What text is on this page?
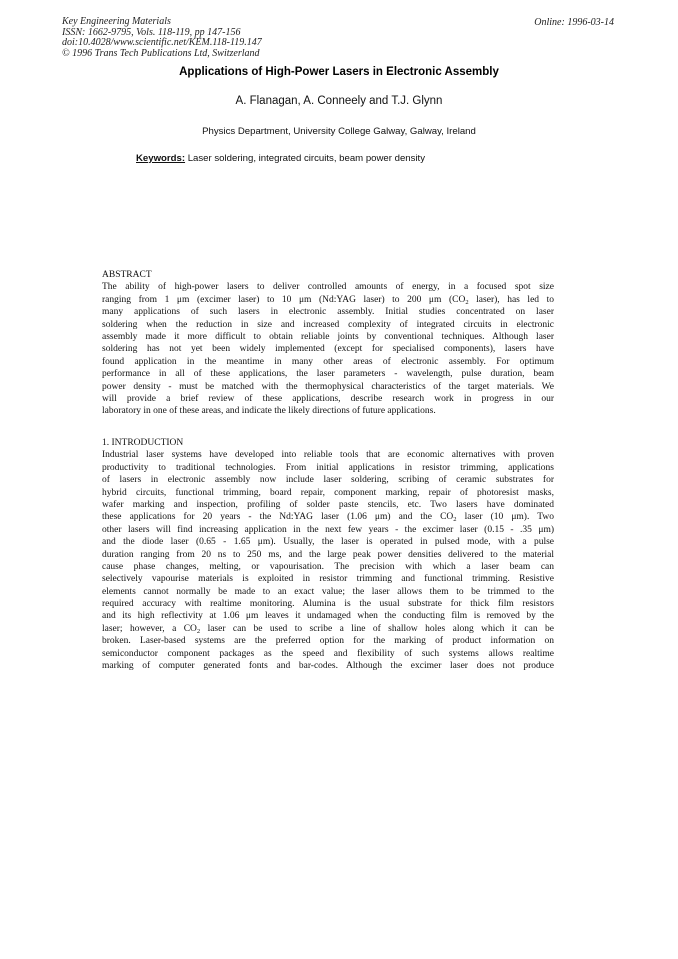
Key Engineering Materials
ISSN: 1662-9795, Vols. 118-119, pp 147-156
doi:10.4028/www.scientific.net/KEM.118-119.147
© 1996 Trans Tech Publications Ltd, Switzerland
Online: 1996-03-14
Applications of High-Power Lasers in Electronic Assembly
A. Flanagan, A. Conneely and T.J. Glynn
Physics Department, University College Galway, Galway, Ireland
Keywords: Laser soldering, integrated circuits, beam power density
ABSTRACT
The ability of high-power lasers to deliver controlled amounts of energy, in a focused spot size
ranging from 1 μm (excimer laser) to 10 μm (Nd:YAG laser) to 200 μm ($CO_2$ laser), has led to
many applications of such lasers in electronic assembly. Initial studies concentrated on laser
soldering when the reduction in size and increased complexity of integrated circuits in electronic
assembly made it more difficult to obtain reliable joints by conventional techniques. Although laser
soldering has not yet been widely implemented (except for specialised components), lasers have
found application in the meantime in many other areas of electronic assembly. For optimum
performance in all of these applications, the laser parameters - wavelength, pulse duration, beam
power density - must be matched with the thermophysical characteristics of the target materials. We
will provide a brief review of these applications, describe research work in progress in our
laboratory in one of these areas, and indicate the likely directions of future applications.
1. INTRODUCTION
Industrial laser systems have developed into reliable tools that are economic alternatives with proven
productivity to traditional technologies. From initial applications in resistor trimming, applications
of lasers in electronic assembly now include laser soldering, scribing of ceramic substrates for
hybrid circuits, functional trimming, board repair, component marking, repair of photoresist masks,
wafer marking and inspection, profiling of solder paste stencils, etc. Two lasers have dominated
these applications for 20 years - the Nd:YAG laser (1.06 μm) and the $CO_2$ laser (10 μm). Two
other lasers will find increasing application in the next few years - the excimer laser (0.15 - .35 μm)
and the diode laser (0.65 - 1.65 μm). Usually, the laser is operated in pulsed mode, with a pulse
duration ranging from 20 ns to 250 ms, and the large peak power densities delivered to the material
cause phase changes, melting, or vapourisation. The precision with which a laser beam can
selectively vapourise materials is exploited in resistor trimming and functional trimming. Resistive
elements cannot normally be made to an exact value; the laser allows them to be trimmed to the
required accuracy with realtime monitoring. Alumina is the usual substrate for thick film resistors
and its high reflectivity at 1.06 μm leaves it undamaged when the conducting film is removed by the
laser; however, a $CO_2$ laser can be used to scribe a line of shallow holes along which it can be
broken. Laser-based systems are the preferred option for the marking of product information on
semiconductor component packages as the speed and flexibility of such systems allows realtime
marking of computer generated fonts and bar-codes. Although the excimer laser does not produce
